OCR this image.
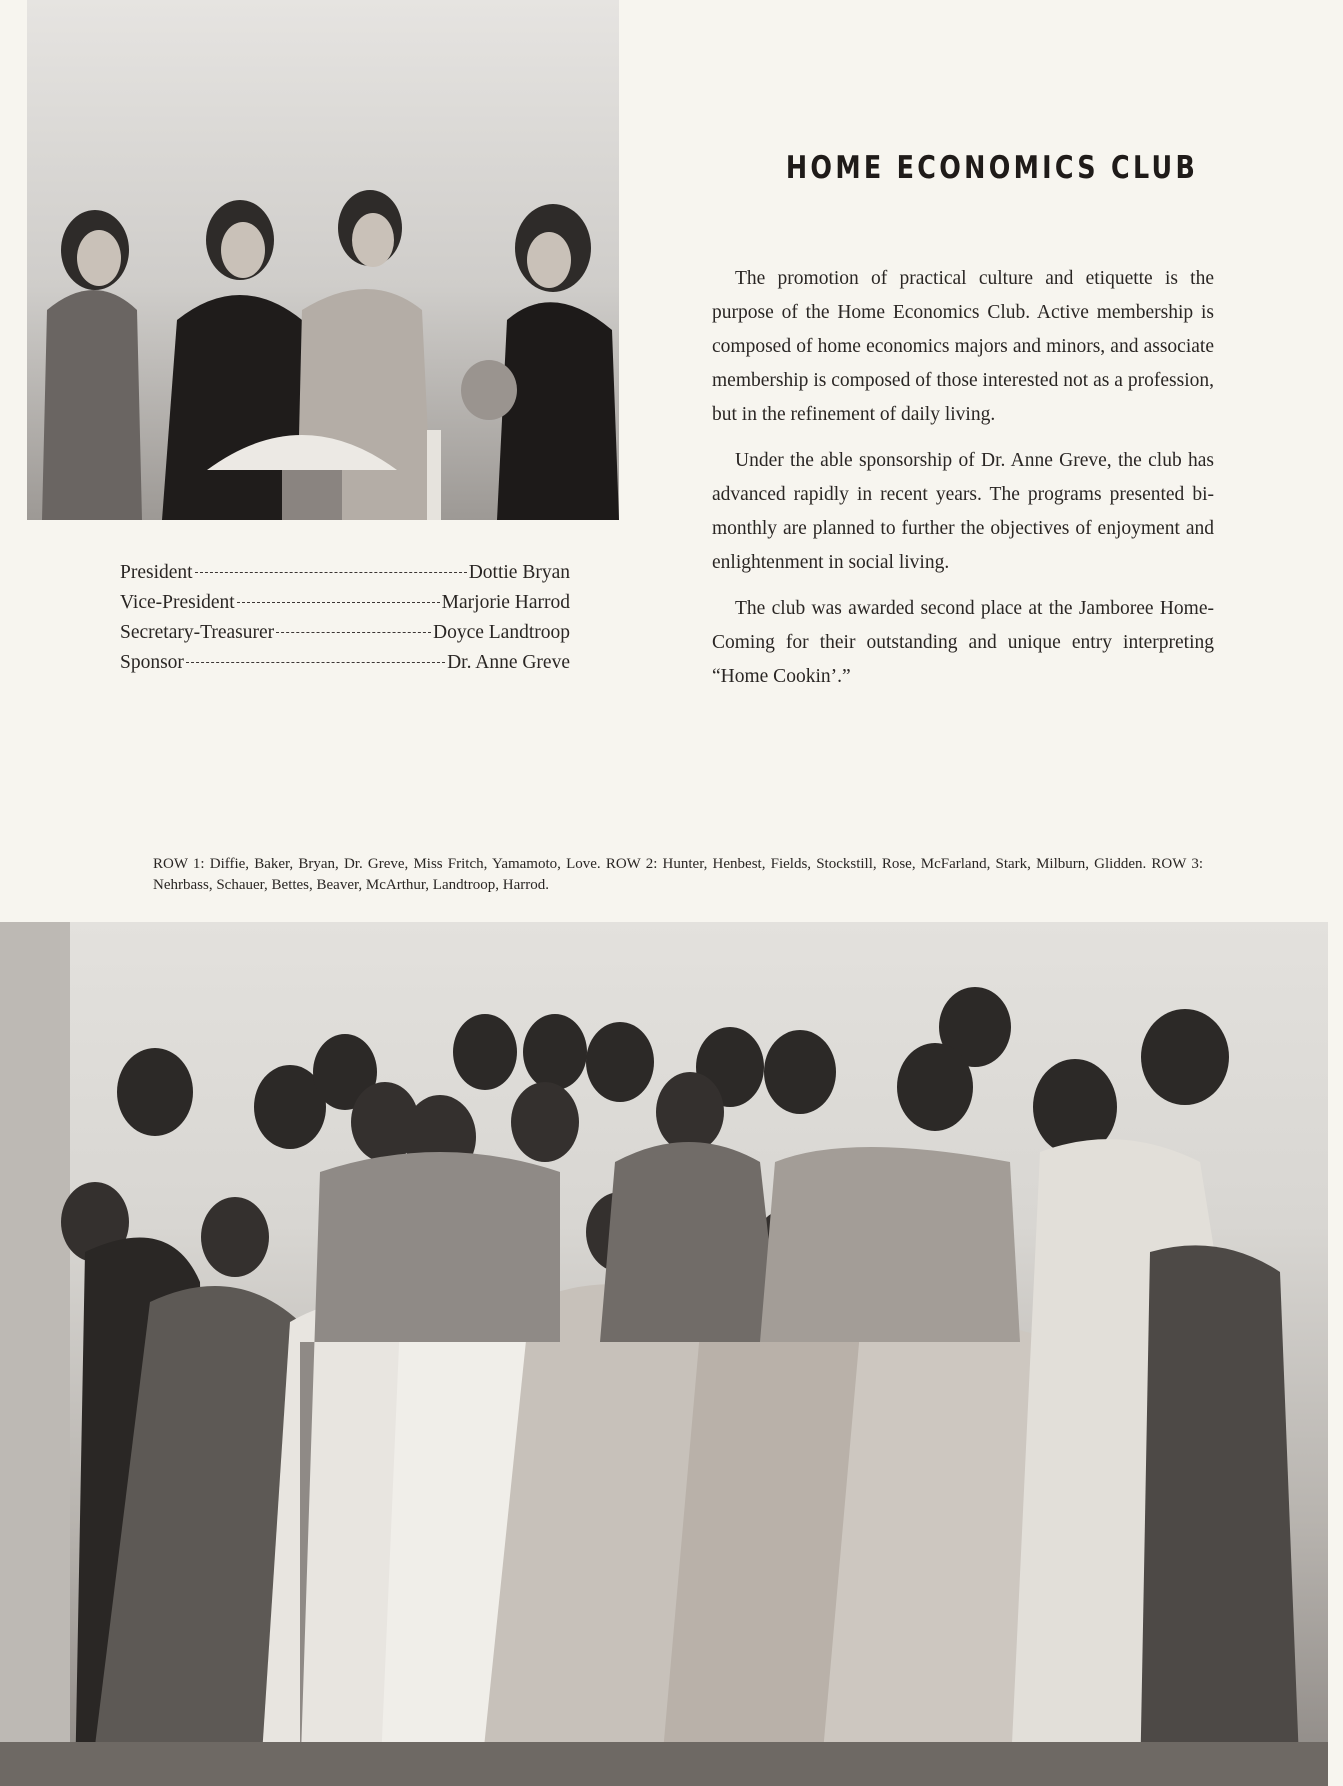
HOME ECONOMICS CLUB

The promotion of practical culture and etiquette is the purpose of the Home Economics Club. Active membership is composed of home economics majors and minors, and associate membership is composed of those interested not as a profession, but in the refinement of daily living.

Under the able sponsorship of Dr. Anne Greve, the club has advanced rapidly in recent years. The programs presented bi-monthly are planned to further the objectives of enjoyment and enlightenment in social living.

The club was awarded second place at the Jamboree Home-Coming for their outstanding and unique entry interpreting “Home Cookin’.”

President	Dottie Bryan
Vice-President	Marjorie Harrod
Secretary-Treasurer	Doyce Landtroop
Sponsor	Dr. Anne Greve
ROW 1: Diffie, Baker, Bryan, Dr. Greve, Miss Fritch, Yamamoto, Love. ROW 2: Hunter, Henbest, Fields, Stockstill, Rose, McFarland, Stark, Milburn, Glidden. ROW 3: Nehrbass, Schauer, Bettes, Beaver, McArthur, Landtroop, Harrod.
